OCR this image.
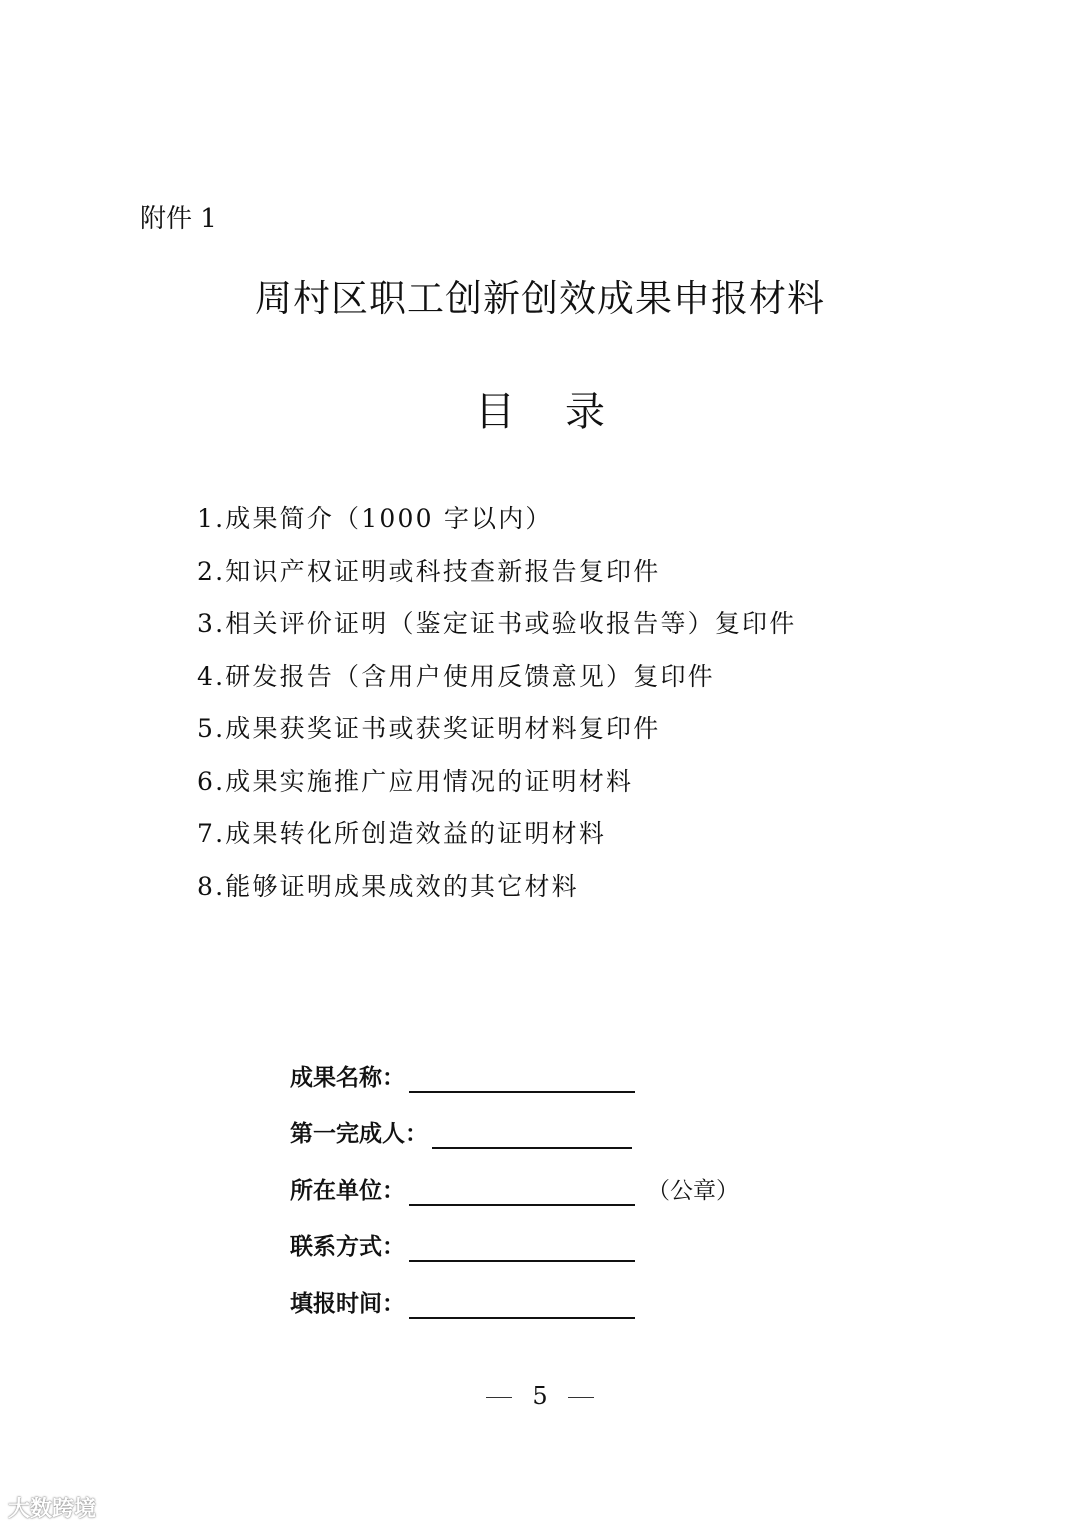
附件 1
周村区职工创新创效成果申报材料
目 录
1.成果简介（1000 字以内）
2.知识产权证明或科技查新报告复印件
3.相关评价证明（鉴定证书或验收报告等）复印件
4.研发报告（含用户使用反馈意见）复印件
5.成果获奖证书或获奖证明材料复印件
6.成果实施推广应用情况的证明材料
7.成果转化所创造效益的证明材料
8.能够证明成果成效的其它材料
成果名称：
第一完成人：
所在单位：	（公章）
联系方式：
填报时间：
5
大数跨境
